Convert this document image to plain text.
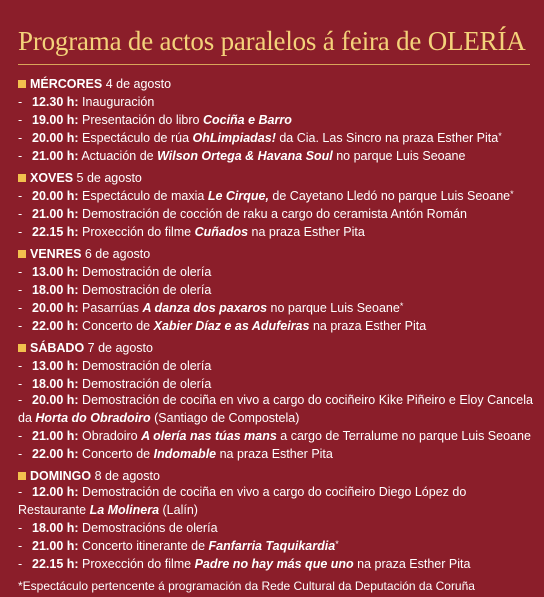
Programa de actos paralelos á feira de OLERÍA
MÉRCORES 4 de agosto
- 12.30 h: Inauguración
- 19.00 h: Presentación do libro Cociña e Barro
- 20.00 h: Espectáculo de rúa OhLimpiadas! da Cia. Las Sincro na praza Esther Pita*
- 21.00 h: Actuación de Wilson Ortega & Havana Soul no parque Luis Seoane
XOVES 5 de agosto
- 20.00 h: Espectáculo de maxia Le Cirque, de Cayetano Lledó no parque Luis Seoane*
- 21.00 h: Demostración de cocción de raku a cargo do ceramista Antón Román
- 22.15 h: Proxección do filme Cuñados na praza Esther Pita
VENRES 6 de agosto
- 13.00 h: Demostración de olería
- 18.00 h: Demostración de olería
- 20.00 h: Pasarrúas A danza dos paxaros no parque Luis Seoane*
- 22.00 h: Concerto de Xabier Díaz e as Adufeiras na praza Esther Pita
SÁBADO 7 de agosto
- 13.00 h: Demostración de olería
- 18.00 h: Demostración de olería
- 20.00 h: Demostración de cociña en vivo a cargo do cociñeiro Kike Piñeiro e Eloy Cancela da Horta do Obradoiro (Santiago de Compostela)
- 21.00 h: Obradoiro A olería nas túas mans a cargo de Terralume no parque Luis Seoane
- 22.00 h: Concerto de Indomable na praza Esther Pita
DOMINGO 8 de agosto
- 12.00 h: Demostración de cociña en vivo a cargo do cociñeiro Diego López do Restaurante La Molinera (Lalín)
- 18.00 h: Demostracións de olería
- 21.00 h: Concerto itinerante de Fanfarria Taquikardia*
- 22.15 h: Proxección do filme Padre no hay más que uno na praza Esther Pita
*Espectáculo pertencente á programación da Rede Cultural da Deputación da Coruña
